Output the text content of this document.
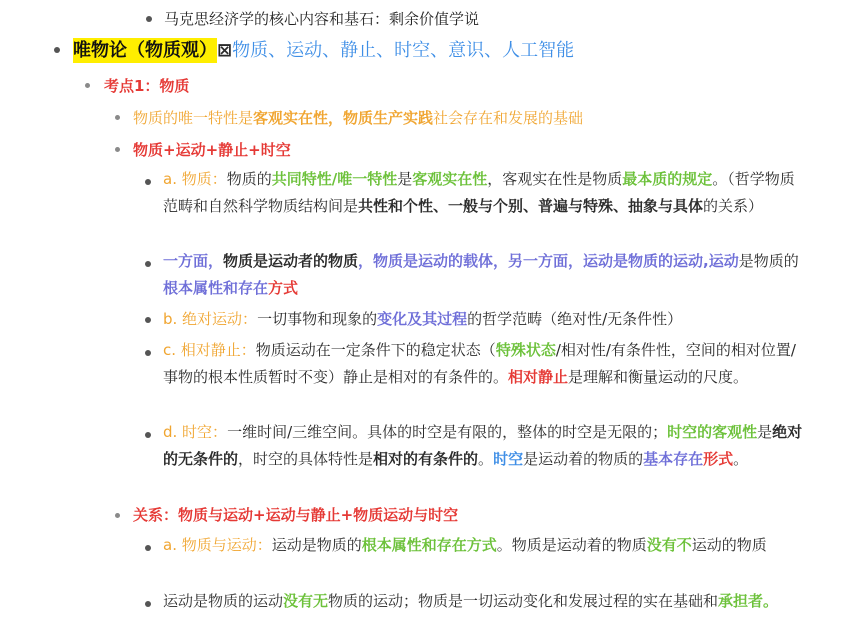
马克思经济学的核心内容和基石：剩余价值学说
唯物论（物质观）⊠物质、运动、静止、时空、意识、人工智能
考点1：物质
物质的唯一特性是客观实在性，物质生产实践社会存在和发展的基础
物质+运动+静止+时空
a. 物质：物质的共同特性/唯一特性是客观实在性，客观实在性是物质最本质的规定。（哲学物质范畴和自然科学物质结构间是共性和个性、一般与个别、普遍与特殊、抽象与具体的关系）
一方面，物质是运动者的物质，物质是运动的载体，另一方面，运动是物质的运动,运动是物质的根本属性和存在方式
b. 绝对运动：一切事物和现象的变化及其过程的哲学范畴（绝对性/无条件性）
c. 相对静止：物质运动在一定条件下的稳定状态（特殊状态/相对性/有条件性，空间的相对位置/事物的根本性质暂时不变）静止是相对的有条件的。相对静止是理解和衡量运动的尺度。
d. 时空：一维时间/三维空间。具体的时空是有限的，整体的时空是无限的；时空的客观性是绝对的无条件的，时空的具体特性是相对的有条件的。时空是运动着的物质的基本存在形式。
关系：物质与运动+运动与静止+物质运动与时空
a. 物质与运动：运动是物质的根本属性和存在方式。物质是运动着的物质没有不运动的物质
运动是物质的运动没有无物质的运动；物质是一切运动变化和发展过程的实在基础和承担者。
